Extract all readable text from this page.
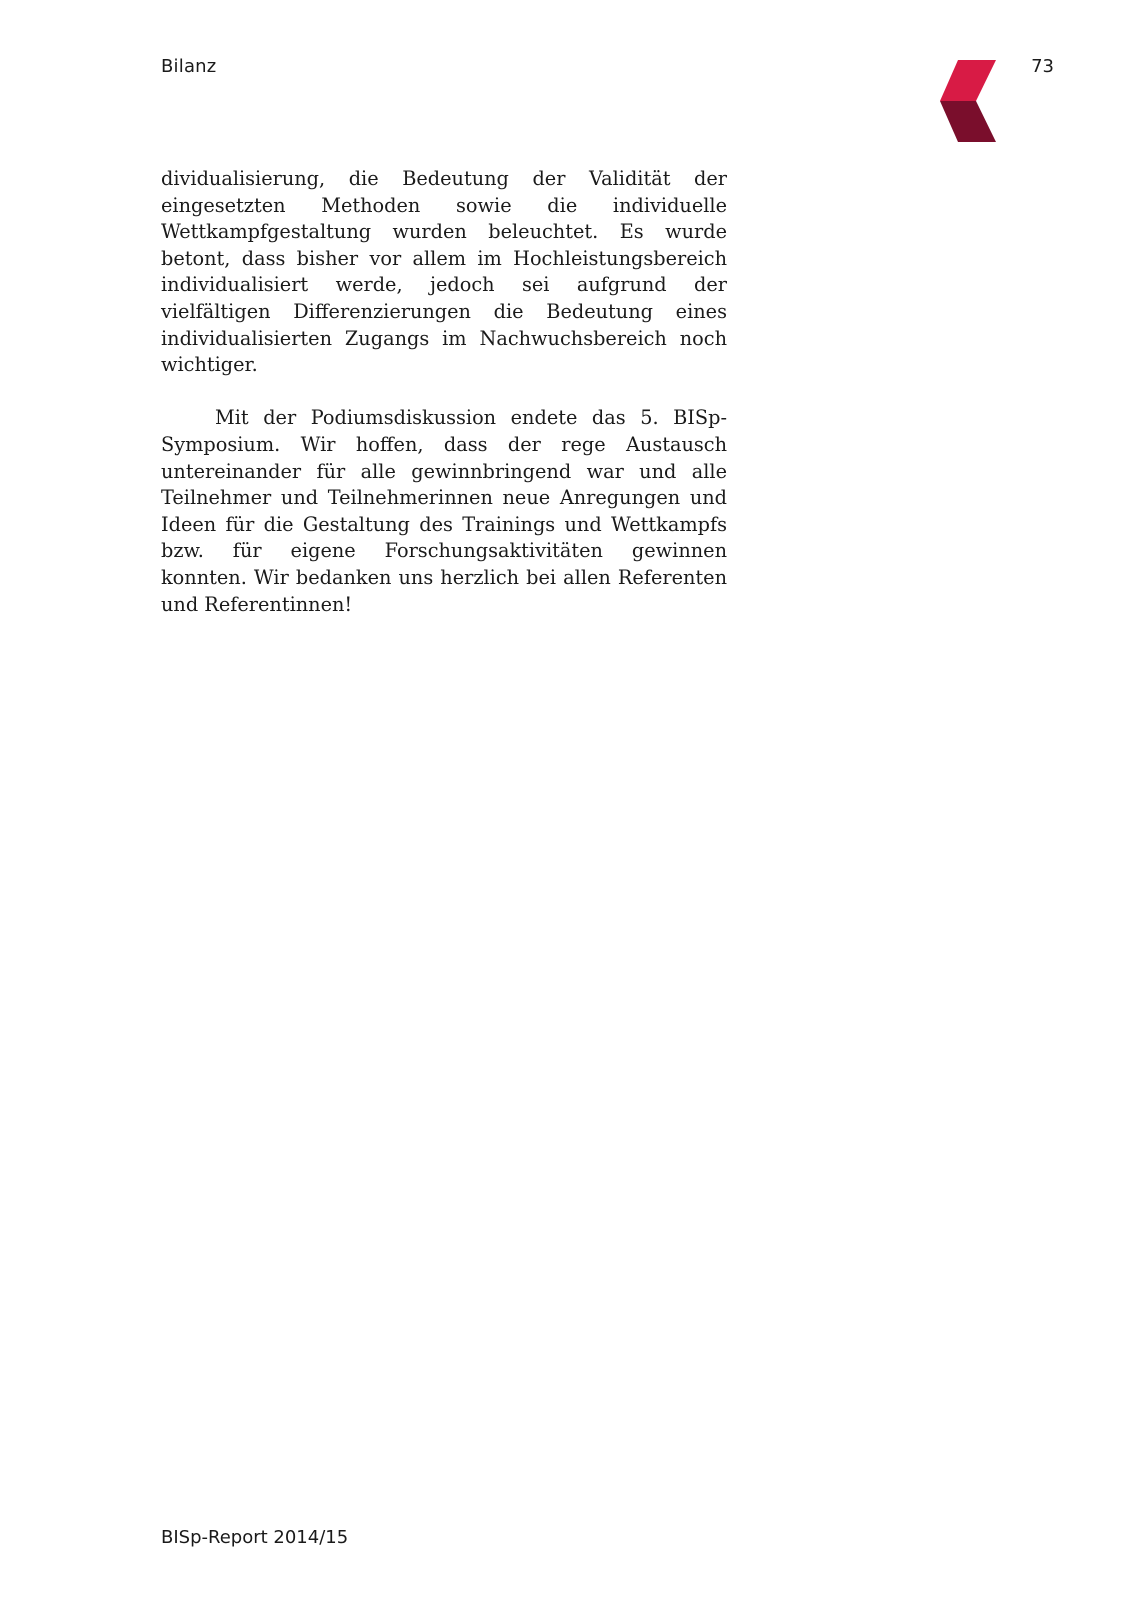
Bilanz	73

dividualisierung, die Bedeutung der Validität der eingesetzten Methoden sowie die individuelle Wettkampfgestaltung wurden beleuchtet. Es wurde betont, dass bisher vor allem im Hochleistungsbereich individualisiert werde, jedoch sei aufgrund der vielfältigen Differenzierungen die Bedeutung eines individualisierten Zugangs im Nachwuchsbereich noch wichtiger.

Mit der Podiumsdiskussion endete das 5. BISp-Symposium. Wir hoffen, dass der rege Austausch untereinander für alle gewinnbringend war und alle Teilnehmer und Teilnehmerinnen neue Anregungen und Ideen für die Gestaltung des Trainings und Wettkampfs bzw. für eigene Forschungsaktivitäten gewinnen konnten. Wir bedanken uns herzlich bei allen Referenten und Referentinnen!

BISp-Report 2014/15
